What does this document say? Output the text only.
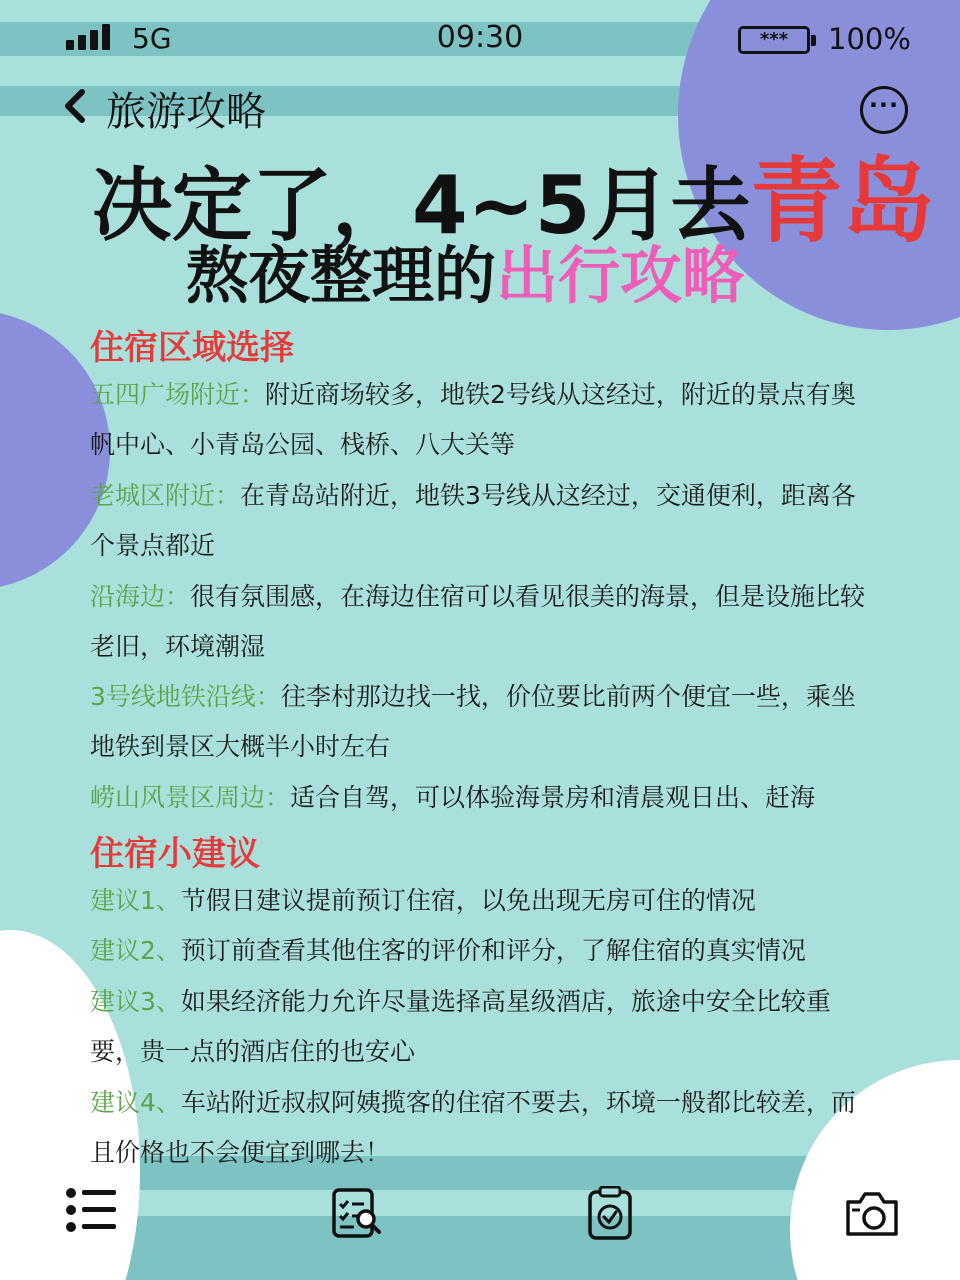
5G	09:30	***	100%
旅游攻略	···
决定了，4~5月去青岛
熬夜整理的出行攻略
住宿区域选择
五四广场附近：附近商场较多，地铁2号线从这经过，附近的景点有奥帆中心、小青岛公园、栈桥、八大关等
老城区附近：在青岛站附近，地铁3号线从这经过，交通便利，距离各个景点都近
沿海边：很有氛围感，在海边住宿可以看见很美的海景，但是设施比较老旧，环境潮湿
3号线地铁沿线：往李村那边找一找，价位要比前两个便宜一些，乘坐地铁到景区大概半小时左右
崂山风景区周边：适合自驾，可以体验海景房和清晨观日出、赶海
住宿小建议
建议1、节假日建议提前预订住宿，以免出现无房可住的情况
建议2、预订前查看其他住客的评价和评分，了解住宿的真实情况
建议3、如果经济能力允许尽量选择高星级酒店，旅途中安全比较重要，贵一点的酒店住的也安心
建议4、车站附近叔叔阿姨揽客的住宿不要去，环境一般都比较差，而且价格也不会便宜到哪去！
